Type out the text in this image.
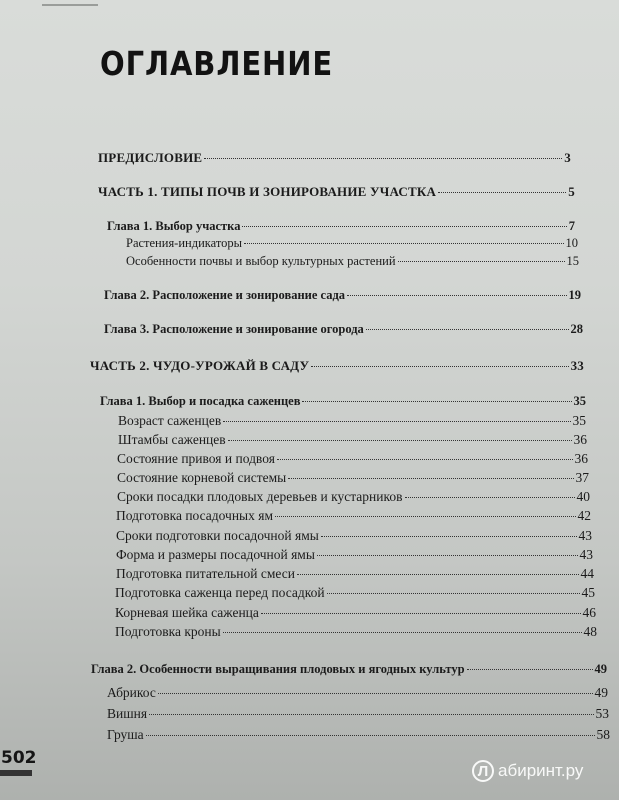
ОГЛАВЛЕНИЕ
ПРЕДИСЛОВИЕ	3
ЧАСТЬ 1. ТИПЫ ПОЧВ И ЗОНИРОВАНИЕ УЧАСТКА	5
Глава 1. Выбор участка	7
Растения-индикаторы	10
Особенности почвы и выбор культурных растений	15
Глава 2. Расположение и зонирование сада	19
Глава 3. Расположение и зонирование огорода	28
ЧАСТЬ 2. ЧУДО-УРОЖАЙ В САДУ	33
Глава 1. Выбор и посадка саженцев	35
Возраст саженцев	35
Штамбы саженцев	36
Состояние привоя и подвоя	36
Состояние корневой системы	37
Сроки посадки плодовых деревьев и кустарников	40
Подготовка посадочных ям	42
Сроки подготовки посадочной ямы	43
Форма и размеры посадочной ямы	43
Подготовка питательной смеси	44
Подготовка саженца перед посадкой	45
Корневая шейка саженца	46
Подготовка кроны	48
Глава 2. Особенности выращивания плодовых и ягодных культур	49
Абрикос	49
Вишня	53
Груша	58
502
Л абиринт.ру
